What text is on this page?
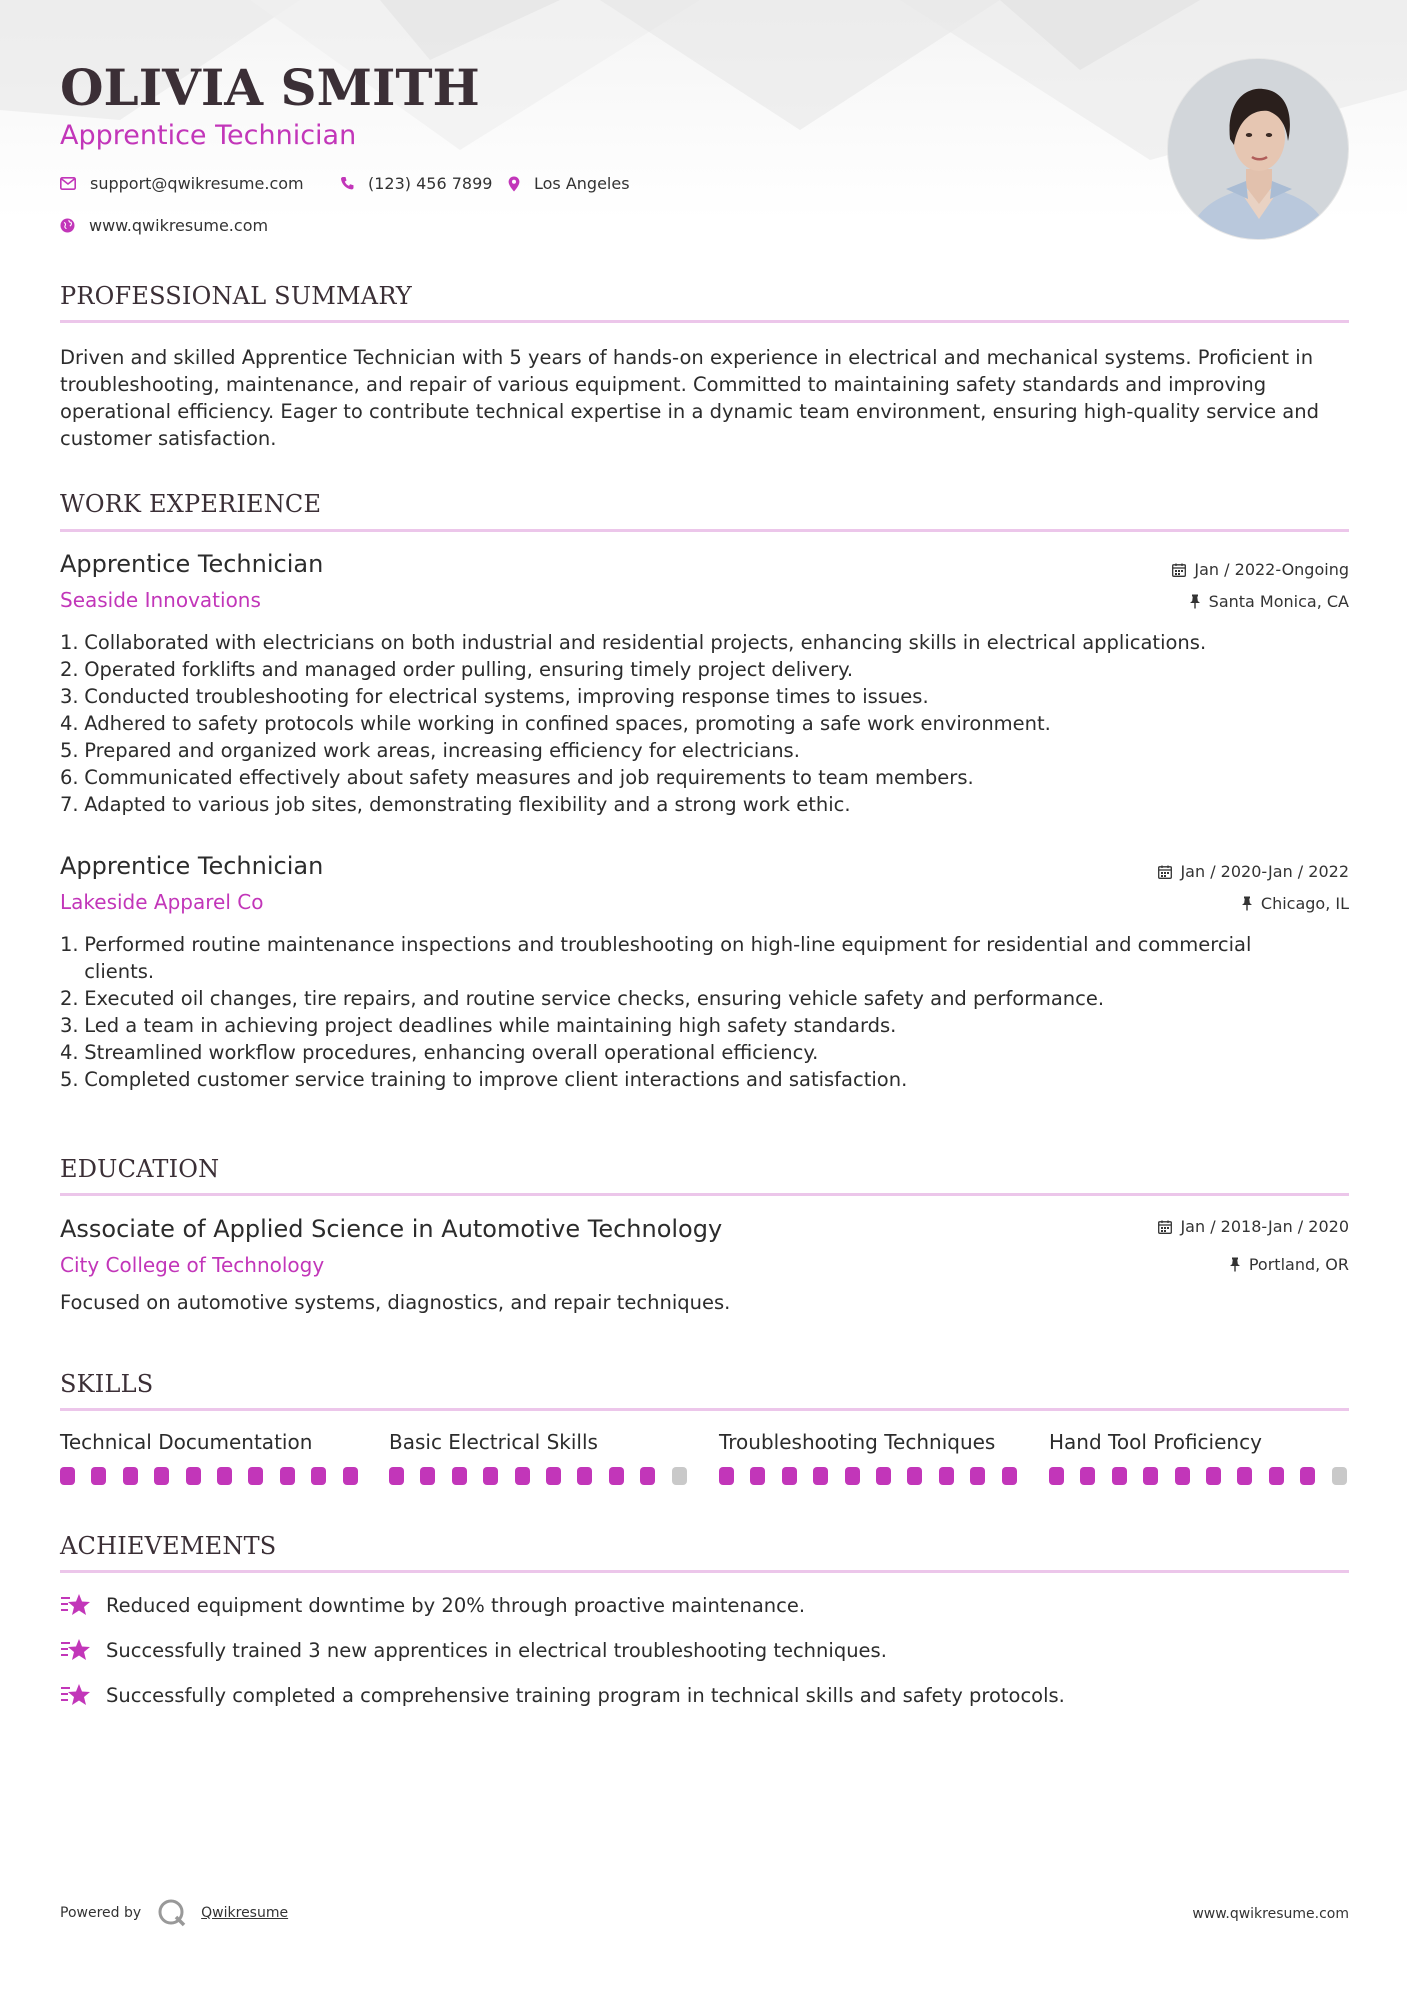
OLIVIA SMITH
Apprentice Technician
support@qwikresume.com	(123) 456 7899	Los Angeles
www.qwikresume.com
PROFESSIONAL SUMMARY
Driven and skilled Apprentice Technician with 5 years of hands-on experience in electrical and mechanical systems. Proficient in troubleshooting, maintenance, and repair of various equipment. Committed to maintaining safety standards and improving operational efficiency. Eager to contribute technical expertise in a dynamic team environment, ensuring high-quality service and customer satisfaction.
WORK EXPERIENCE
Apprentice Technician	Jan / 2022-Ongoing
Seaside Innovations	Santa Monica, CA
1.
Collaborated with electricians on both industrial and residential projects, enhancing skills in electrical applications.
2.
Operated forklifts and managed order pulling, ensuring timely project delivery.
3.
Conducted troubleshooting for electrical systems, improving response times to issues.
4.
Adhered to safety protocols while working in confined spaces, promoting a safe work environment.
5.
Prepared and organized work areas, increasing efficiency for electricians.
6.
Communicated effectively about safety measures and job requirements to team members.
7.
Adapted to various job sites, demonstrating flexibility and a strong work ethic.
Apprentice Technician	Jan / 2020-Jan / 2022
Lakeside Apparel Co	Chicago, IL
1.
Performed routine maintenance inspections and troubleshooting on high-line equipment for residential and commercial clients.
2.
Executed oil changes, tire repairs, and routine service checks, ensuring vehicle safety and performance.
3.
Led a team in achieving project deadlines while maintaining high safety standards.
4.
Streamlined workflow procedures, enhancing overall operational efficiency.
5.
Completed customer service training to improve client interactions and satisfaction.
EDUCATION
Associate of Applied Science in Automotive Technology	Jan / 2018-Jan / 2020
City College of Technology	Portland, OR
Focused on automotive systems, diagnostics, and repair techniques.
SKILLS
Technical Documentation	Basic Electrical Skills	Troubleshooting Techniques	Hand Tool Proficiency
ACHIEVEMENTS
Reduced equipment downtime by 20% through proactive maintenance.
Successfully trained 3 new apprentices in electrical troubleshooting techniques.
Successfully completed a comprehensive training program in technical skills and safety protocols.
Powered by	Qwikresume	www.qwikresume.com
